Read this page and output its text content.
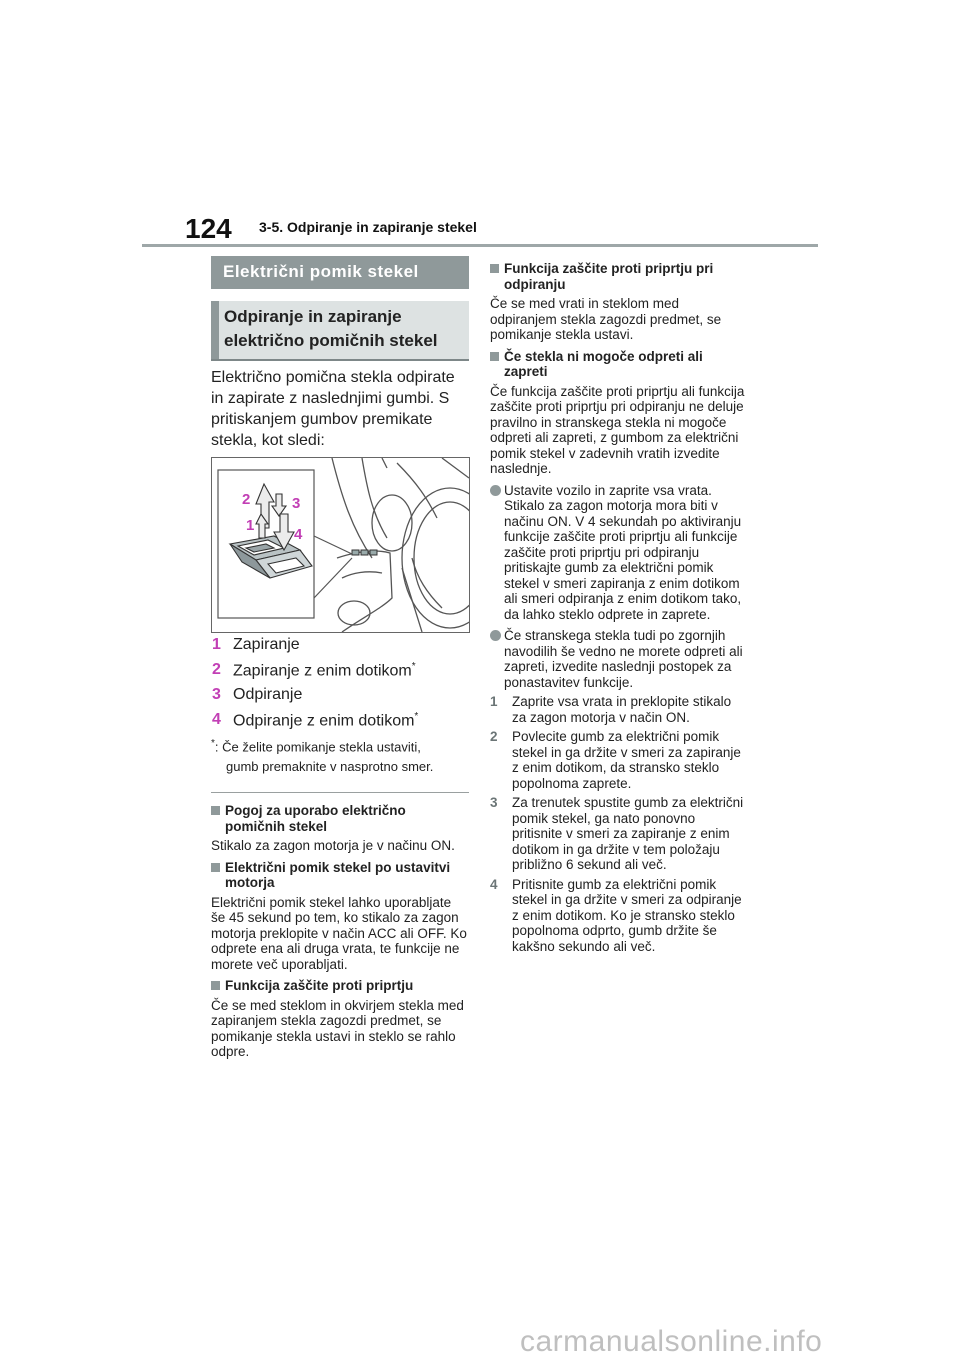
124 3-5. Odpiranje in zapiranje stekel
Električni pomik stekel
Odpiranje in zapiranje električno pomičnih stekel
Električno pomična stekla odpirate in zapirate z naslednjimi gumbi. S pritiskanjem gumbov premikate stekla, kot sledi:
2
1
3
4
1 Zapiranje
2 Zapiranje z enim dotikom*
3 Odpiranje
4 Odpiranje z enim dotikom*
*: Če želite pomikanje stekla ustaviti,
gumb premaknite v nasprotno smer.
Pogoj za uporabo električno pomičnih stekel
Stikalo za zagon motorja je v načinu ON.
Električni pomik stekel po ustavitvi motorja
Električni pomik stekel lahko uporabljate še 45 sekund po tem, ko stikalo za zagon motorja preklopite v način ACC ali OFF. Ko odprete ena ali druga vrata, te funkcije ne morete več uporabljati.
Funkcija zaščite proti priprtju
Če se med steklom in okvirjem stekla med zapiranjem stekla zagozdi predmet, se pomikanje stekla ustavi in steklo se rahlo odpre.
Funkcija zaščite proti priprtju pri odpiranju
Če se med vrati in steklom med odpiranjem stekla zagozdi predmet, se pomikanje stekla ustavi.
Če stekla ni mogoče odpreti ali zapreti
Če funkcija zaščite proti priprtju ali funkcija zaščite proti priprtju pri odpiranju ne deluje pravilno in stranskega stekla ni mogoče odpreti ali zapreti, z gumbom za električni pomik stekel v zadevnih vratih izvedite naslednje.
Ustavite vozilo in zaprite vsa vrata. Stikalo za zagon motorja mora biti v načinu ON. V 4 sekundah po aktiviranju funkcije zaščite proti priprtju ali funkcije zaščite proti priprtju pri odpiranju pritiskajte gumb za električni pomik stekel v smeri zapiranja z enim dotikom ali smeri odpiranja z enim dotikom tako, da lahko steklo odprete in zaprete.
Če stranskega stekla tudi po zgornjih navodilih še vedno ne morete odpreti ali zapreti, izvedite naslednji postopek za ponastavitev funkcije.
1 Zaprite vsa vrata in preklopite stikalo za zagon motorja v način ON.
2 Povlecite gumb za električni pomik stekel in ga držite v smeri za zapiranje z enim dotikom, da stransko steklo popolnoma zaprete.
3 Za trenutek spustite gumb za električni pomik stekel, ga nato ponovno pritisnite v smeri za zapiranje z enim dotikom in ga držite v tem položaju približno 6 sekund ali več.
4 Pritisnite gumb za električni pomik stekel in ga držite v smeri za odpiranje z enim dotikom. Ko je stransko steklo popolnoma odprto, gumb držite še kakšno sekundo ali več.
carmanualsonline.info
